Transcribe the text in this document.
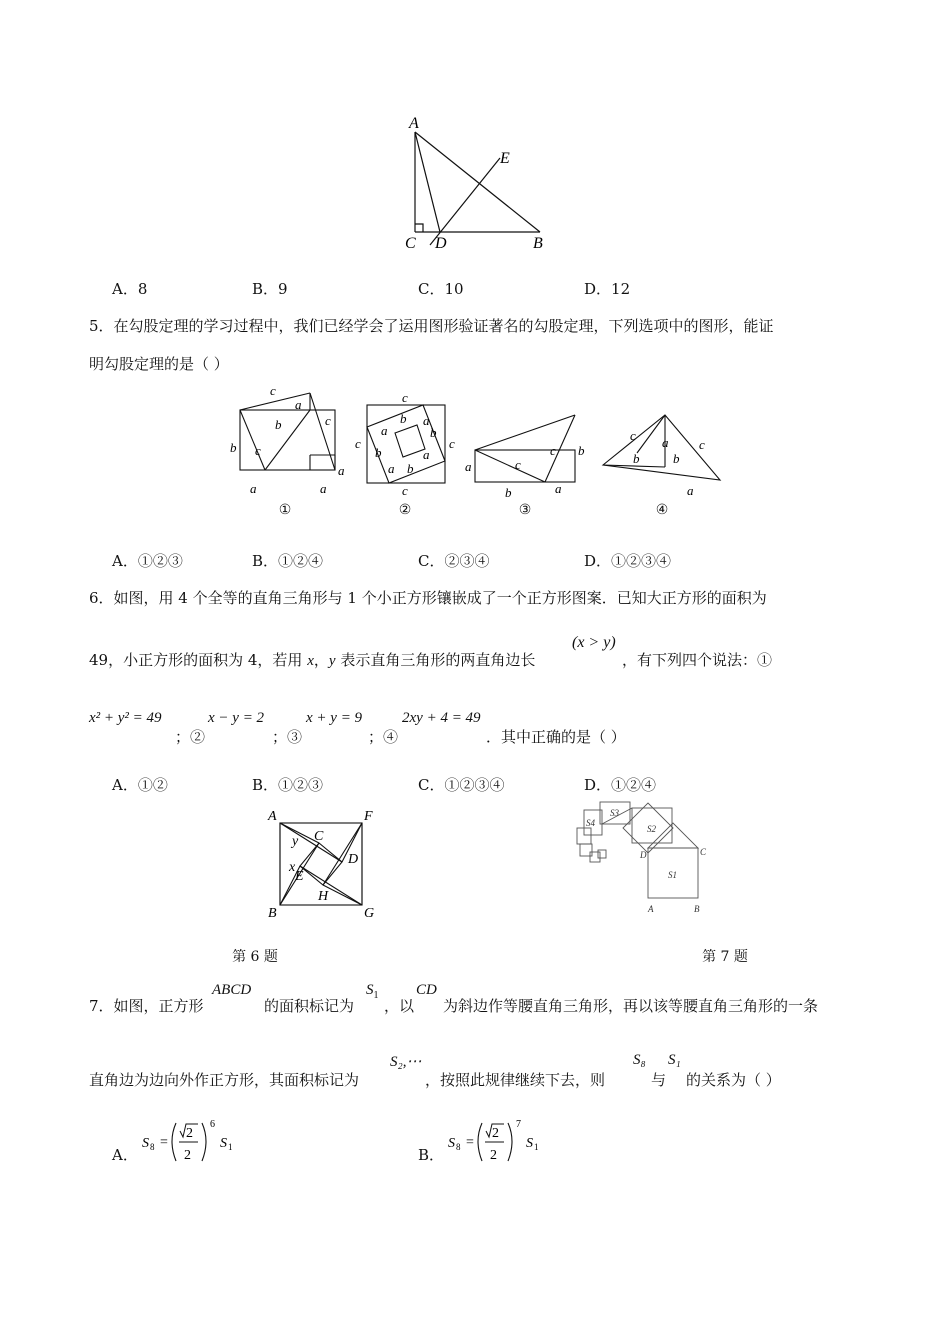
A
E
C D	B
A．8	B．9	C．10	D．12
5．在勾股定理的学习过程中，我们已经学会了运用图形验证著名的勾股定理，下列选项中的图形，能证
明勾股定理的是（ ）
c
a
b	c
b c
a
a	a
c
b a
a	b
c	c
b	a
a b
c
c
c b
a
b	a
c a c
b	b
a
①	②	③	④
A．①②③	B．①②④	C．②③④	D．①②③④
6．如图，用 4 个全等的直角三角形与 1 个小正方形镶嵌成了一个正方形图案．已知大正方形的面积为
49，小正方形的面积为 4，若用 x，y 表示直角三角形的两直角边长
(x > y)
，有下列四个说法：①
x² + y² = 49
；②
x − y = 2
；③
x + y = 9
；④
2xy + 4 = 49
．其中正确的是（ ）
A．①②	B．①②③	C．①②③④	D．①②④
A	F
B	G
C
D
E
H
x
y
S1
S2
S3
S4
A	B
C
D
第 6 题	第 7 题
7．如图，正方形
ABCD
的面积标记为
$S_1$
，以
CD
为斜边作等腰直角三角形，再以该等腰直角三角形的一条
直角边为边向外作正方形，其面积标记为
S₂,⋯
，按照此规律继续下去，则
S₈
与
S₁
的关系为（ ）
A．
S 8 =
2
2
6
S 1	B．
S 8 =
2
2
7
S 1
